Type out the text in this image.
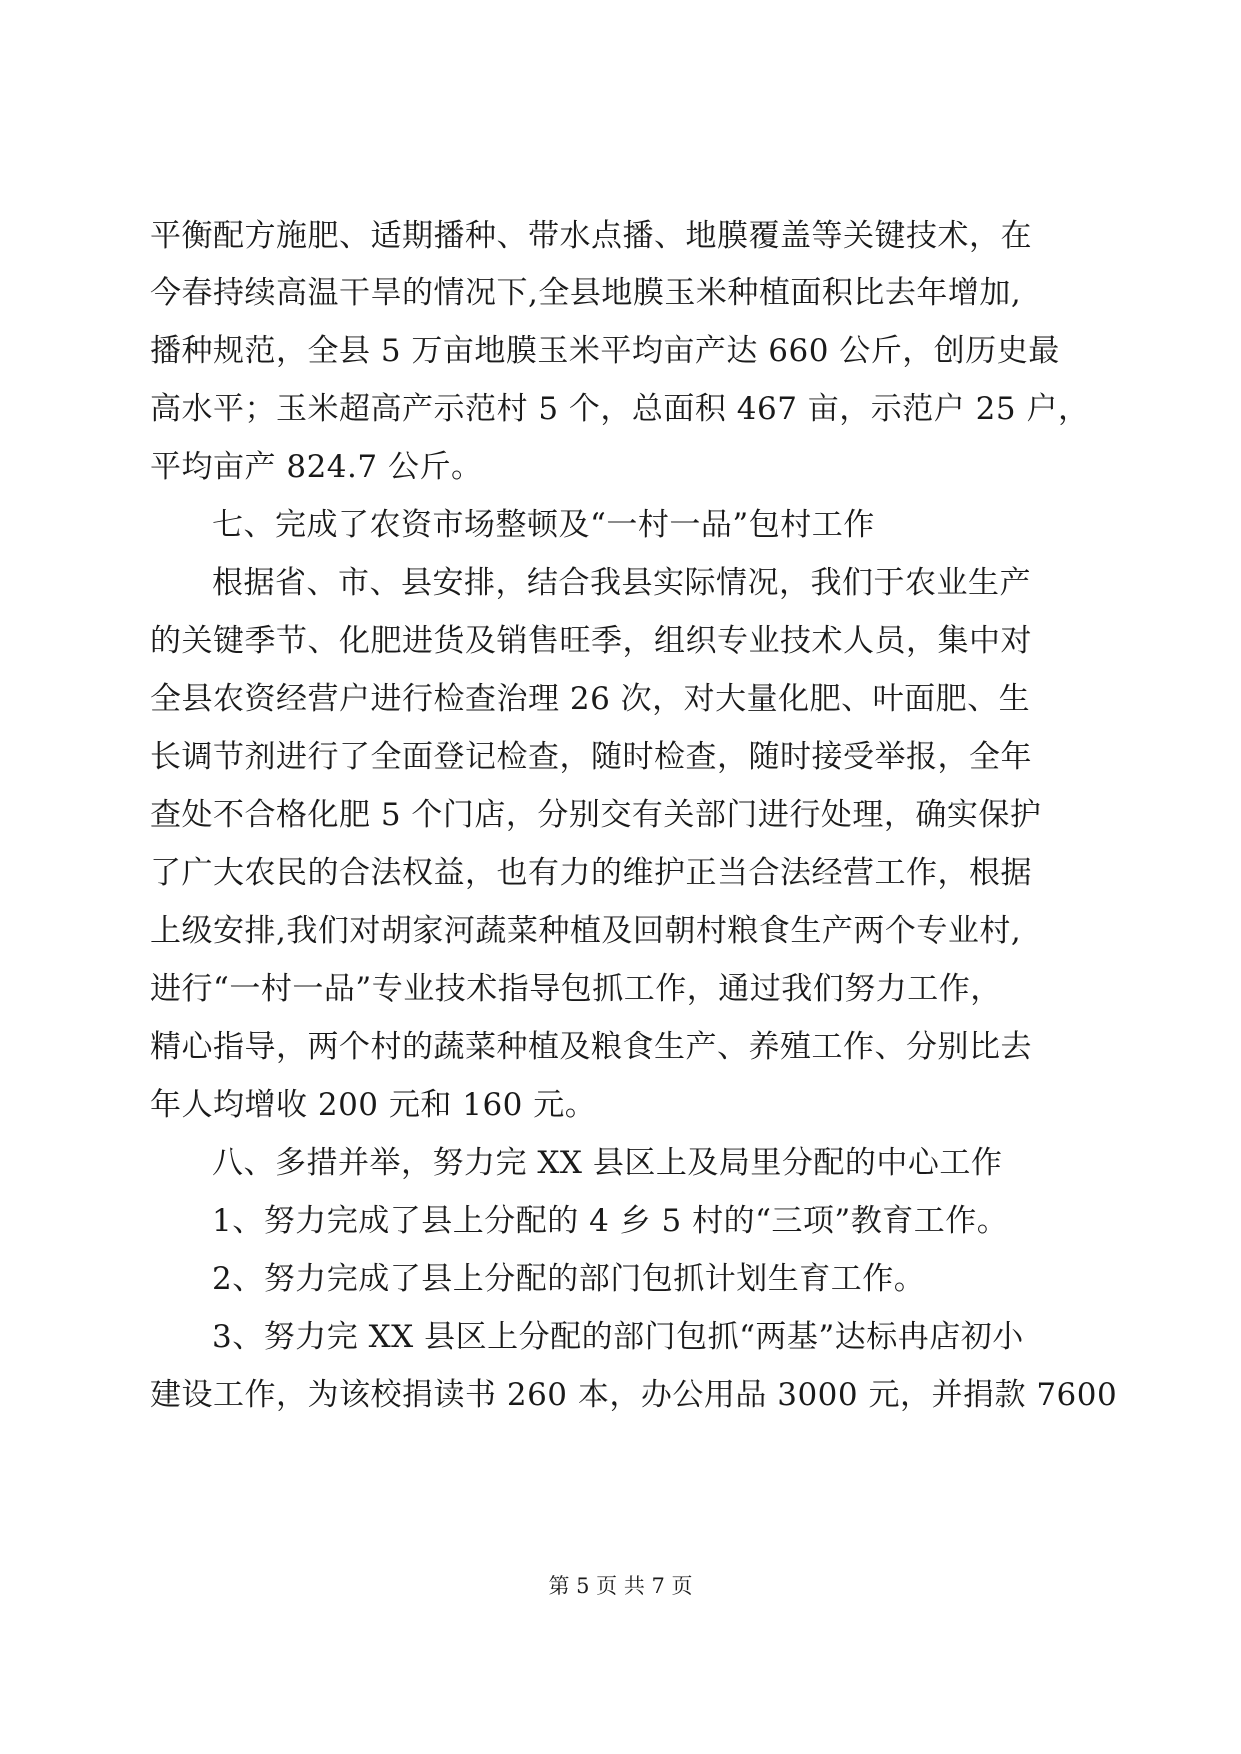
平衡配方施肥、适期播种、带水点播、地膜覆盖等关键技术，在
今春持续高温干旱的情况下,全县地膜玉米种植面积比去年增加,
播种规范，全县 5 万亩地膜玉米平均亩产达 660 公斤，创历史最
高水平；玉米超高产示范村 5 个，总面积 467 亩，示范户 25 户，
平均亩产 824.7 公斤。
七、完成了农资市场整顿及“一村一品”包村工作
根据省、市、县安排，结合我县实际情况，我们于农业生产
的关键季节、化肥进货及销售旺季，组织专业技术人员，集中对
全县农资经营户进行检查治理 26 次，对大量化肥、叶面肥、生
长调节剂进行了全面登记检查，随时检查，随时接受举报，全年
查处不合格化肥 5 个门店，分别交有关部门进行处理，确实保护
了广大农民的合法权益，也有力的维护正当合法经营工作，根据
上级安排,我们对胡家河蔬菜种植及回朝村粮食生产两个专业村,
进行“一村一品”专业技术指导包抓工作，通过我们努力工作，
精心指导，两个村的蔬菜种植及粮食生产、养殖工作、分别比去
年人均增收 200 元和 160 元。
八、多措并举，努力完 XX 县区上及局里分配的中心工作
1、努力完成了县上分配的 4 乡 5 村的“三项”教育工作。
2、努力完成了县上分配的部门包抓计划生育工作。
3、努力完 XX 县区上分配的部门包抓“两基”达标冉店初小
建设工作，为该校捐读书 260 本，办公用品 3000 元，并捐款 7600
第 5 页 共 7 页
